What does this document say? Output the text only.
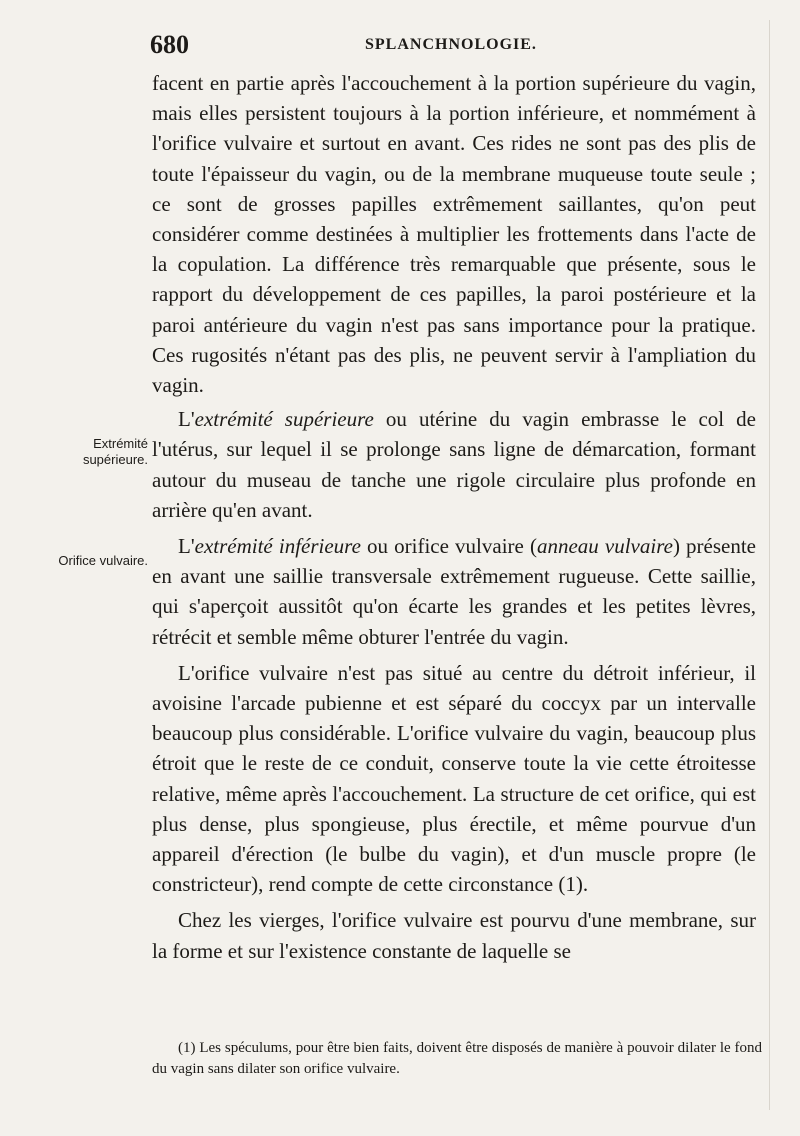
680	SPLANCHNOLOGIE.
Extrémité supérieure.
Orifice vulvaire.

facent en partie après l'accouchement à la portion supérieure du vagin, mais elles persistent toujours à la portion inférieure, et nommément à l'orifice vulvaire et surtout en avant. Ces rides ne sont pas des plis de toute l'épaisseur du vagin, ou de la membrane muqueuse toute seule ; ce sont de grosses papilles extrêmement saillantes, qu'on peut considérer comme destinées à multiplier les frottements dans l'acte de la copulation. La différence très remarquable que présente, sous le rapport du développement de ces papilles, la paroi postérieure et la paroi antérieure du vagin n'est pas sans importance pour la pratique. Ces rugosités n'étant pas des plis, ne peuvent servir à l'ampliation du vagin.

L'extrémité supérieure ou utérine du vagin embrasse le col de l'utérus, sur lequel il se prolonge sans ligne de démarcation, formant autour du museau de tanche une rigole circulaire plus profonde en arrière qu'en avant.

L'extrémité inférieure ou orifice vulvaire (anneau vulvaire) présente en avant une saillie transversale extrêmement rugueuse. Cette saillie, qui s'aperçoit aussitôt qu'on écarte les grandes et les petites lèvres, rétrécit et semble même obturer l'entrée du vagin.

L'orifice vulvaire n'est pas situé au centre du détroit inférieur, il avoisine l'arcade pubienne et est séparé du coccyx par un intervalle beaucoup plus considérable. L'orifice vulvaire du vagin, beaucoup plus étroit que le reste de ce conduit, conserve toute la vie cette étroitesse relative, même après l'accouchement. La structure de cet orifice, qui est plus dense, plus spongieuse, plus érectile, et même pourvue d'un appareil d'érection (le bulbe du vagin), et d'un muscle propre (le constricteur), rend compte de cette circonstance (1).

Chez les vierges, l'orifice vulvaire est pourvu d'une membrane, sur la forme et sur l'existence constante de laquelle se

(1) Les spéculums, pour être bien faits, doivent être disposés de manière à pouvoir dilater le fond du vagin sans dilater son orifice vulvaire.
